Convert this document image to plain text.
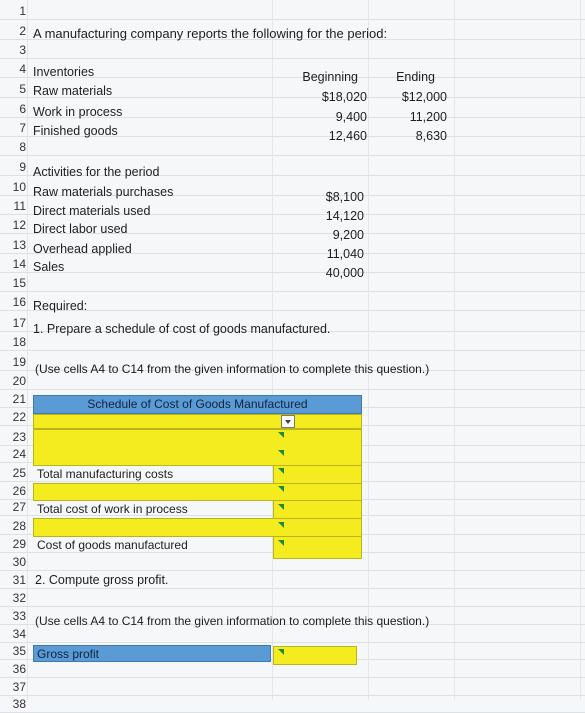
1
2
3
4
5
6
7
8
9
10
11
12
13
14
15
16
17
18
19
20
21
22
23
24
25
26
27
28
29
30
31
32
33
34
35
36
37
38
A manufacturing company reports the following for the period:
Inventories	Beginning	Ending
Raw materials	$18,020	$12,000
Work in process	9,400	11,200
Finished goods	12,460	8,630
Activities for the period
Raw materials purchases	$8,100
Direct materials used	14,120
Direct labor used	9,200
Overhead applied	11,040
Sales	40,000
Required:
1. Prepare a schedule of cost of goods manufactured.
(Use cells A4 to C14 from the given information to complete this question.)
Schedule of Cost of Goods Manufactured
Total manufacturing costs
Total cost of work in process
Cost of goods manufactured
2. Compute gross profit.
(Use cells A4 to C14 from the given information to complete this question.)
Gross profit
